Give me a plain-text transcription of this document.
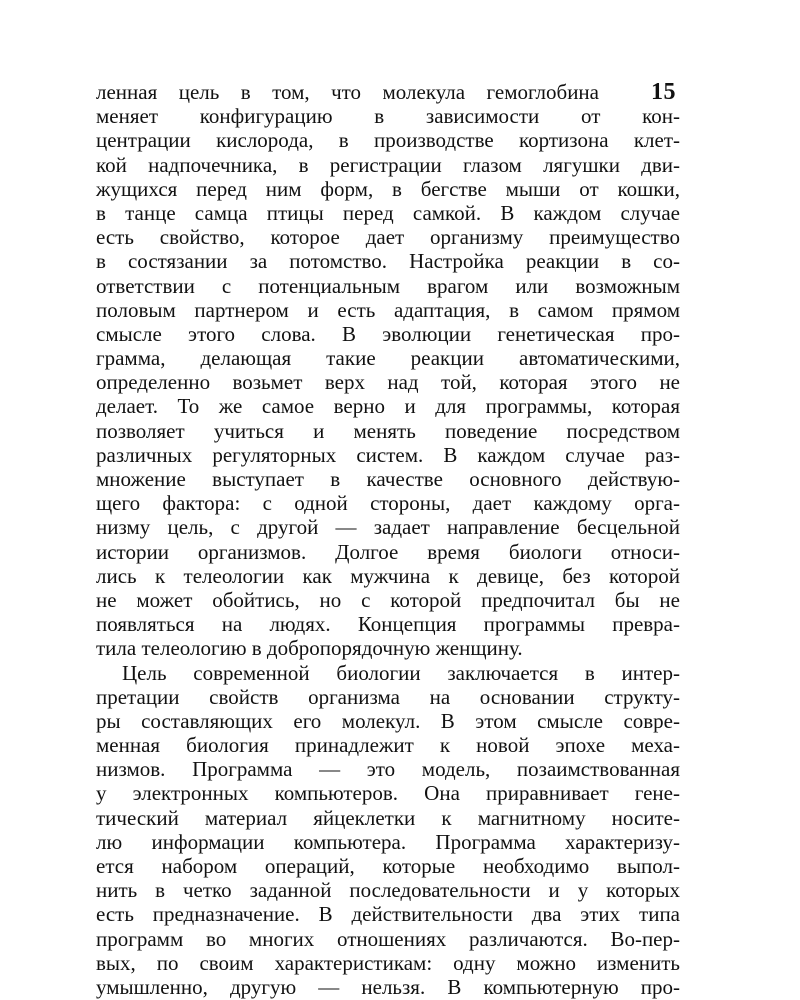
15
ленная цель в том, что молекула гемоглобина
меняет конфигурацию в зависимости от кон-
центрации кислорода, в производстве кортизона клет-
кой надпочечника, в регистрации глазом лягушки дви-
жущихся перед ним форм, в бегстве мыши от кошки,
в танце самца птицы перед самкой. В каждом случае
есть свойство, которое дает организму преимущество
в состязании за потомство. Настройка реакции в со-
ответствии с потенциальным врагом или возможным
половым партнером и есть адаптация, в самом прямом
смысле этого слова. В эволюции генетическая про-
грамма, делающая такие реакции автоматическими,
определенно возьмет верх над той, которая этого не
делает. То же самое верно и для программы, которая
позволяет учиться и менять поведение посредством
различных регуляторных систем. В каждом случае раз-
множение выступает в качестве основного действую-
щего фактора: с одной стороны, дает каждому орга-
низму цель, с другой — задает направление бесцельной
истории организмов. Долгое время биологи относи-
лись к телеологии как мужчина к девице, без которой
не может обойтись, но с которой предпочитал бы не
появляться на людях. Концепция программы превра-
тила телеологию в добропорядочную женщину.
Цель современной биологии заключается в интер-
претации свойств организма на основании структу-
ры составляющих его молекул. В этом смысле совре-
менная биология принадлежит к новой эпохе меха-
низмов. Программа — это модель, позаимствованная
у электронных компьютеров. Она приравнивает гене-
тический материал яйцеклетки к магнитному носите-
лю информации компьютера. Программа характеризу-
ется набором операций, которые необходимо выпол-
нить в четко заданной последовательности и у которых
есть предназначение. В действительности два этих типа
программ во многих отношениях различаются. Во-пер-
вых, по своим характеристикам: одну можно изменить
умышленно, другую — нельзя. В компьютерную про-
